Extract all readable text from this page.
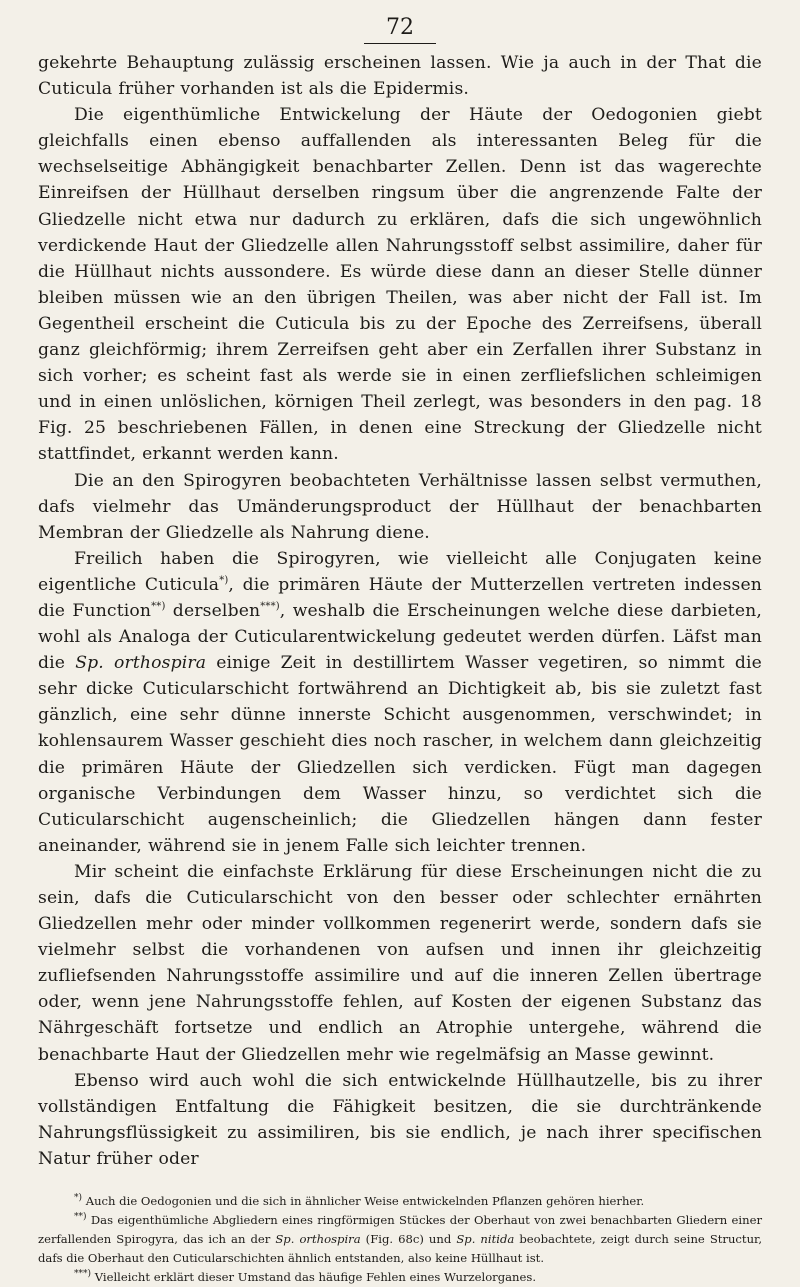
72

gekehrte Behauptung zulässig erscheinen lassen. Wie ja auch in der That die Cuticula früher vorhanden ist als die Epidermis.

Die eigenthümliche Entwickelung der Häute der Oedogonien giebt gleichfalls einen ebenso auffallenden als interessanten Beleg für die wechselseitige Abhängigkeit benachbarter Zellen. Denn ist das wagerechte Einreifsen der Hüllhaut derselben ringsum über die angrenzende Falte der Gliedzelle nicht etwa nur dadurch zu erklären, dafs die sich ungewöhnlich verdickende Haut der Gliedzelle allen Nahrungsstoff selbst assimilire, daher für die Hüllhaut nichts aussondere. Es würde diese dann an dieser Stelle dünner bleiben müssen wie an den übrigen Theilen, was aber nicht der Fall ist. Im Gegentheil erscheint die Cuticula bis zu der Epoche des Zerreifsens, überall ganz gleichförmig; ihrem Zerreifsen geht aber ein Zerfallen ihrer Substanz in sich vorher; es scheint fast als werde sie in einen zerfliefslichen schleimigen und in einen unlöslichen, körnigen Theil zerlegt, was besonders in den pag. 18 Fig. 25 beschriebenen Fällen, in denen eine Streckung der Gliedzelle nicht stattfindet, erkannt werden kann.

Die an den Spirogyren beobachteten Verhältnisse lassen selbst vermuthen, dafs vielmehr das Umänderungsproduct der Hüllhaut der benachbarten Membran der Gliedzelle als Nahrung diene.

Freilich haben die Spirogyren, wie vielleicht alle Conjugaten keine eigentliche Cuticula*), die primären Häute der Mutterzellen vertreten indessen die Function**) derselben***), weshalb die Erscheinungen welche diese darbieten, wohl als Analoga der Cuticularentwickelung gedeutet werden dürfen. Läfst man die Sp. orthospira einige Zeit in destillirtem Wasser vegetiren, so nimmt die sehr dicke Cuticularschicht fortwährend an Dichtigkeit ab, bis sie zuletzt fast gänzlich, eine sehr dünne innerste Schicht ausgenommen, verschwindet; in kohlensaurem Wasser geschieht dies noch rascher, in welchem dann gleichzeitig die primären Häute der Gliedzellen sich verdicken. Fügt man dagegen organische Verbindungen dem Wasser hinzu, so verdichtet sich die Cuticularschicht augenscheinlich; die Gliedzellen hängen dann fester aneinander, während sie in jenem Falle sich leichter trennen.

Mir scheint die einfachste Erklärung für diese Erscheinungen nicht die zu sein, dafs die Cuticularschicht von den besser oder schlechter ernährten Gliedzellen mehr oder minder vollkommen regenerirt werde, sondern dafs sie vielmehr selbst die vorhandenen von aufsen und innen ihr gleichzeitig zufliefsenden Nahrungsstoffe assimilire und auf die inneren Zellen übertrage oder, wenn jene Nahrungsstoffe fehlen, auf Kosten der eigenen Substanz das Nährgeschäft fortsetze und endlich an Atrophie untergehe, während die benachbarte Haut der Gliedzellen mehr wie regelmäfsig an Masse gewinnt.

Ebenso wird auch wohl die sich entwickelnde Hüllhautzelle, bis zu ihrer vollständigen Entfaltung die Fähigkeit besitzen, die sie durchtränkende Nahrungsflüssigkeit zu assimiliren, bis sie endlich, je nach ihrer specifischen Natur früher oder

*) Auch die Oedogonien und die sich in ähnlicher Weise entwickelnden Pflanzen gehören hierher.

**) Das eigenthümliche Abgliedern eines ringförmigen Stückes der Oberhaut von zwei benachbarten Gliedern einer zerfallenden Spirogyra, das ich an der Sp. orthospira (Fig. 68c) und Sp. nitida beobachtete, zeigt durch seine Structur, dafs die Oberhaut den Cuticularschichten ähnlich entstanden, also keine Hüllhaut ist.

***) Vielleicht erklärt dieser Umstand das häufige Fehlen eines Wurzelorganes.
